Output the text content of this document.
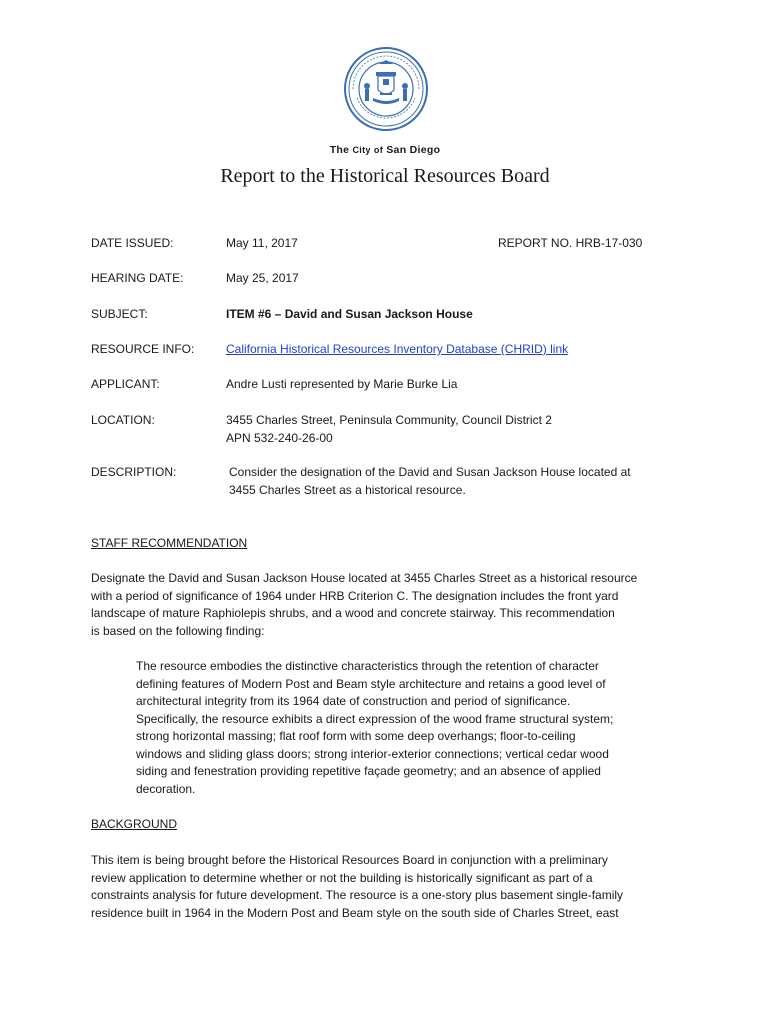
The City of San Diego
Report to the Historical Resources Board
DATE ISSUED:	May 11, 2017	REPORT NO. HRB-17-030
HEARING DATE:	May 25, 2017
SUBJECT:	ITEM #6 – David and Susan Jackson House
RESOURCE INFO:	California Historical Resources Inventory Database (CHRID) link
APPLICANT:	Andre Lusti represented by Marie Burke Lia
LOCATION:	3455 Charles Street, Peninsula Community, Council District 2
APN 532-240-26-00
DESCRIPTION:	Consider the designation of the David and Susan Jackson House located at
3455 Charles Street as a historical resource.
STAFF RECOMMENDATION

Designate the David and Susan Jackson House located at 3455 Charles Street as a historical resource
with a period of significance of 1964 under HRB Criterion C. The designation includes the front yard
landscape of mature Raphiolepis shrubs, and a wood and concrete stairway. This recommendation
is based on the following finding:

The resource embodies the distinctive characteristics through the retention of character
defining features of Modern Post and Beam style architecture and retains a good level of
architectural integrity from its 1964 date of construction and period of significance.
Specifically, the resource exhibits a direct expression of the wood frame structural system;
strong horizontal massing; flat roof form with some deep overhangs; floor-to-ceiling
windows and sliding glass doors; strong interior-exterior connections; vertical cedar wood
siding and fenestration providing repetitive façade geometry; and an absence of applied
decoration.

BACKGROUND

This item is being brought before the Historical Resources Board in conjunction with a preliminary
review application to determine whether or not the building is historically significant as part of a
constraints analysis for future development. The resource is a one-story plus basement single-family
residence built in 1964 in the Modern Post and Beam style on the south side of Charles Street, east
